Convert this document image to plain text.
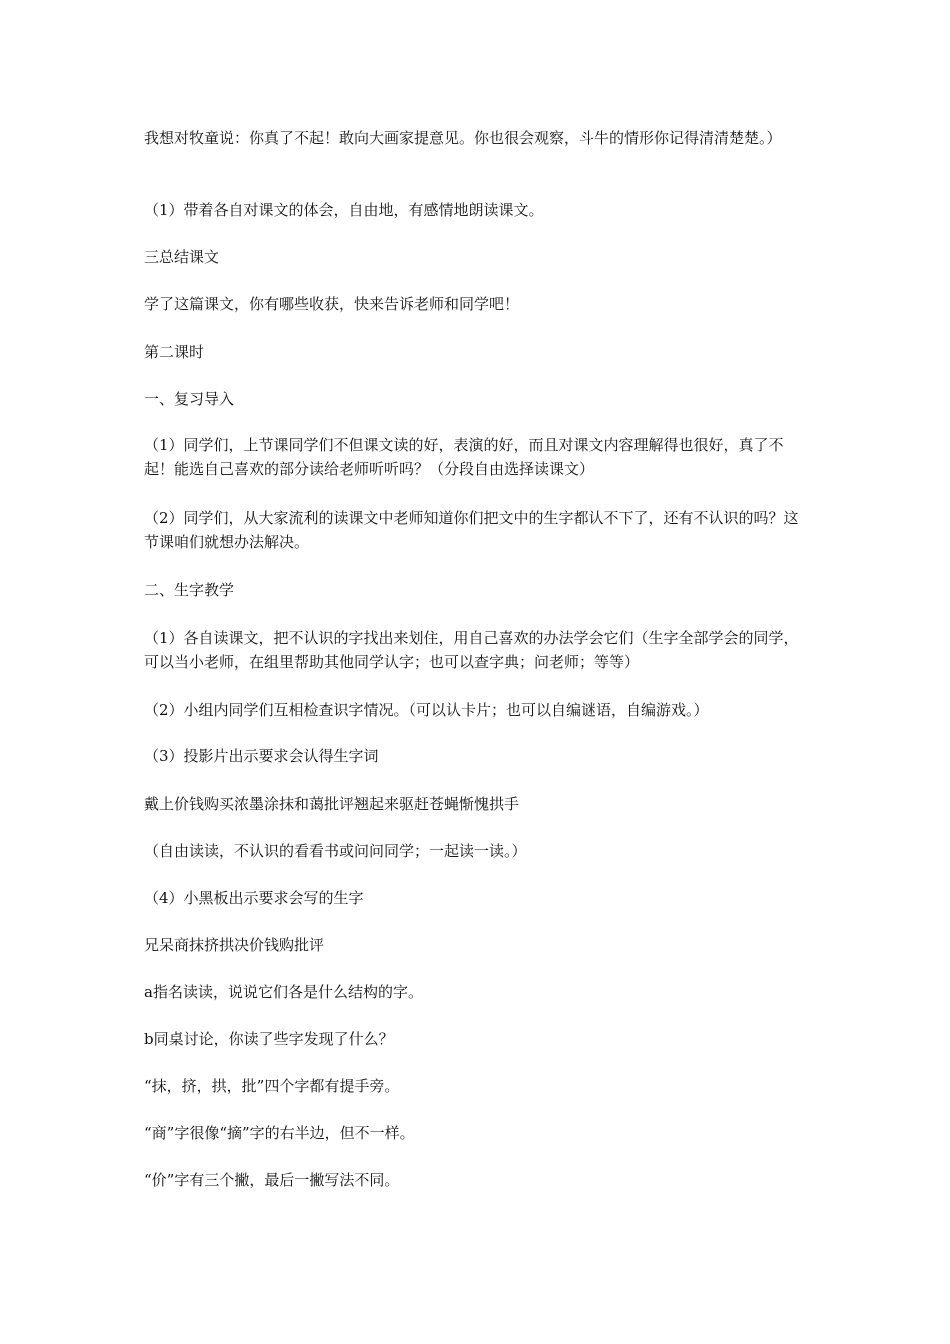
我想对牧童说：你真了不起！敢向大画家提意见。你也很会观察，斗牛的情形你记得清清楚楚。）

（1）带着各自对课文的体会，自由地，有感情地朗读课文。

三总结课文

学了这篇课文，你有哪些收获，快来告诉老师和同学吧！

第二课时

一、复习导入

（1）同学们，上节课同学们不但课文读的好，表演的好，而且对课文内容理解得也很好，真了不起！能选自己喜欢的部分读给老师听听吗？（分段自由选择读课文）

（2）同学们，从大家流利的读课文中老师知道你们把文中的生字都认不下了，还有不认识的吗？这节课咱们就想办法解决。

二、生字教学

（1）各自读课文，把不认识的字找出来划住，用自己喜欢的办法学会它们（生字全部学会的同学，可以当小老师，在组里帮助其他同学认字；也可以查字典；问老师；等等）

（2）小组内同学们互相检查识字情况。（可以认卡片；也可以自编谜语，自编游戏。）

（3）投影片出示要求会认得生字词

戴上价钱购买浓墨涂抹和蔼批评翘起来驱赶苍蝇惭愧拱手

（自由读读，不认识的看看书或问问同学；一起读一读。）

（4）小黑板出示要求会写的生字

兄呆商抹挤拱决价钱购批评

a指名读读，说说它们各是什么结构的字。

b同桌讨论，你读了些字发现了什么？

“抹，挤，拱，批”四个字都有提手旁。

“商”字很像“摘”字的右半边，但不一样。

“价”字有三个撇，最后一撇写法不同。
